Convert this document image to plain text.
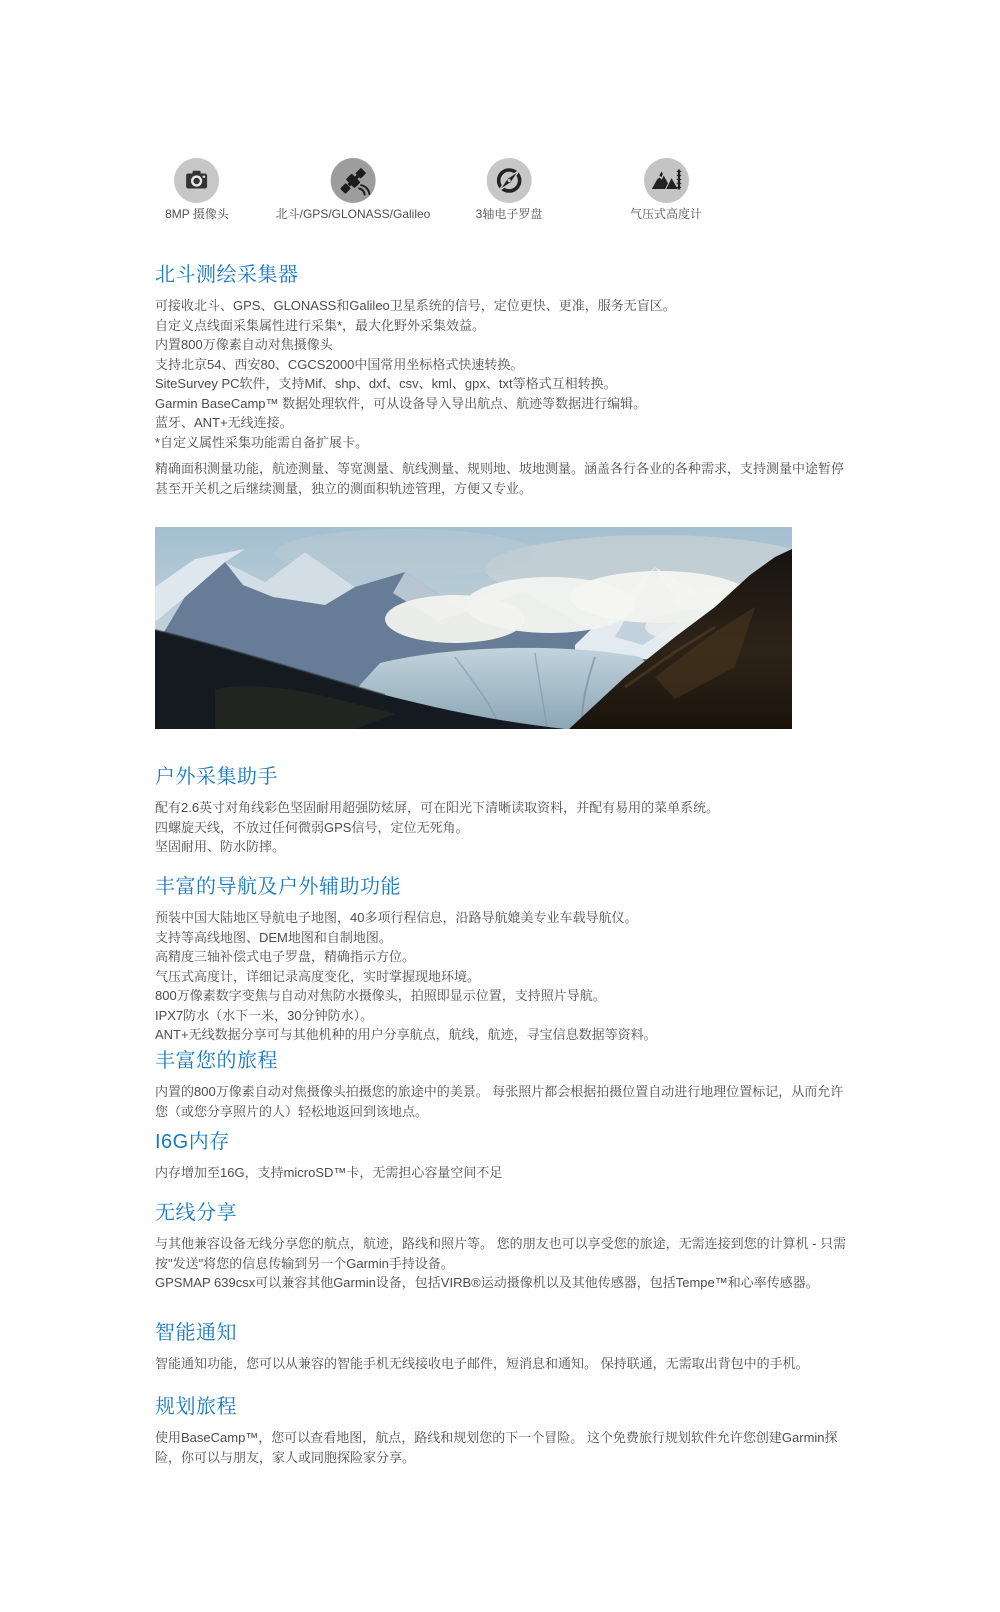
8MP 摄像头	北斗/GPS/GLONASS/Galileo	3轴电子罗盘	气压式高度计
北斗测绘采集器
可接收北斗、GPS、GLONASS和Galileo卫星系统的信号，定位更快、更准，服务无盲区。
自定义点线面采集属性进行采集*，最大化野外采集效益。
内置800万像素自动对焦摄像头
支持北京54、西安80、CGCS2000中国常用坐标格式快速转换。
SiteSurvey PC软件，支持Mif、shp、dxf、csv、kml、gpx、txt等格式互相转换。
Garmin BaseCamp™ 数据处理软件，可从设备导入导出航点、航迹等数据进行编辑。
蓝牙、ANT+无线连接。
*自定义属性采集功能需自备扩展卡。

精确面积测量功能，航迹测量、等宽测量、航线测量、规则地、坡地测量。涵盖各行各业的各种需求，支持测量中途暂停甚至开关机之后继续测量，独立的测面积轨迹管理，方便又专业。

户外采集助手
配有2.6英寸对角线彩色坚固耐用超强防炫屏，可在阳光下清晰读取资料，并配有易用的菜单系统。
四螺旋天线，不放过任何微弱GPS信号，定位无死角。
坚固耐用、防水防摔。
丰富的导航及户外辅助功能
预装中国大陆地区导航电子地图，40多项行程信息，沿路导航媲美专业车载导航仪。
支持等高线地图、DEM地图和自制地图。
高精度三轴补偿式电子罗盘，精确指示方位。
气压式高度计，详细记录高度变化，实时掌握现地环境。
800万像素数字变焦与自动对焦防水摄像头，拍照即显示位置，支持照片导航。
IPX7防水（水下一米，30分钟防水）。
ANT+无线数据分享可与其他机种的用户分享航点，航线，航迹，寻宝信息数据等资料。
丰富您的旅程

内置的800万像素自动对焦摄像头拍摄您的旅途中的美景。 每张照片都会根据拍摄位置自动进行地理位置标记，从而允许您（或您分享照片的人）轻松地返回到该地点。

I6G内存

内存增加至16G，支持microSD™卡，无需担心容量空间不足

无线分享

与其他兼容设备无线分享您的航点，航迹，路线和照片等。 您的朋友也可以享受您的旅途，无需连接到您的计算机 - 只需按"发送"将您的信息传输到另一个Garmin手持设备。

GPSMAP 639csx可以兼容其他Garmin设备，包括VIRB®运动摄像机以及其他传感器，包括Tempe™和心率传感器。

智能通知

智能通知功能，您可以从兼容的智能手机无线接收电子邮件，短消息和通知。 保持联通，无需取出背包中的手机。

规划旅程

使用BaseCamp™，您可以查看地图，航点，路线和规划您的下一个冒险。 这个免费旅行规划软件允许您创建Garmin探险，你可以与朋友，家人或同胞探险家分享。
